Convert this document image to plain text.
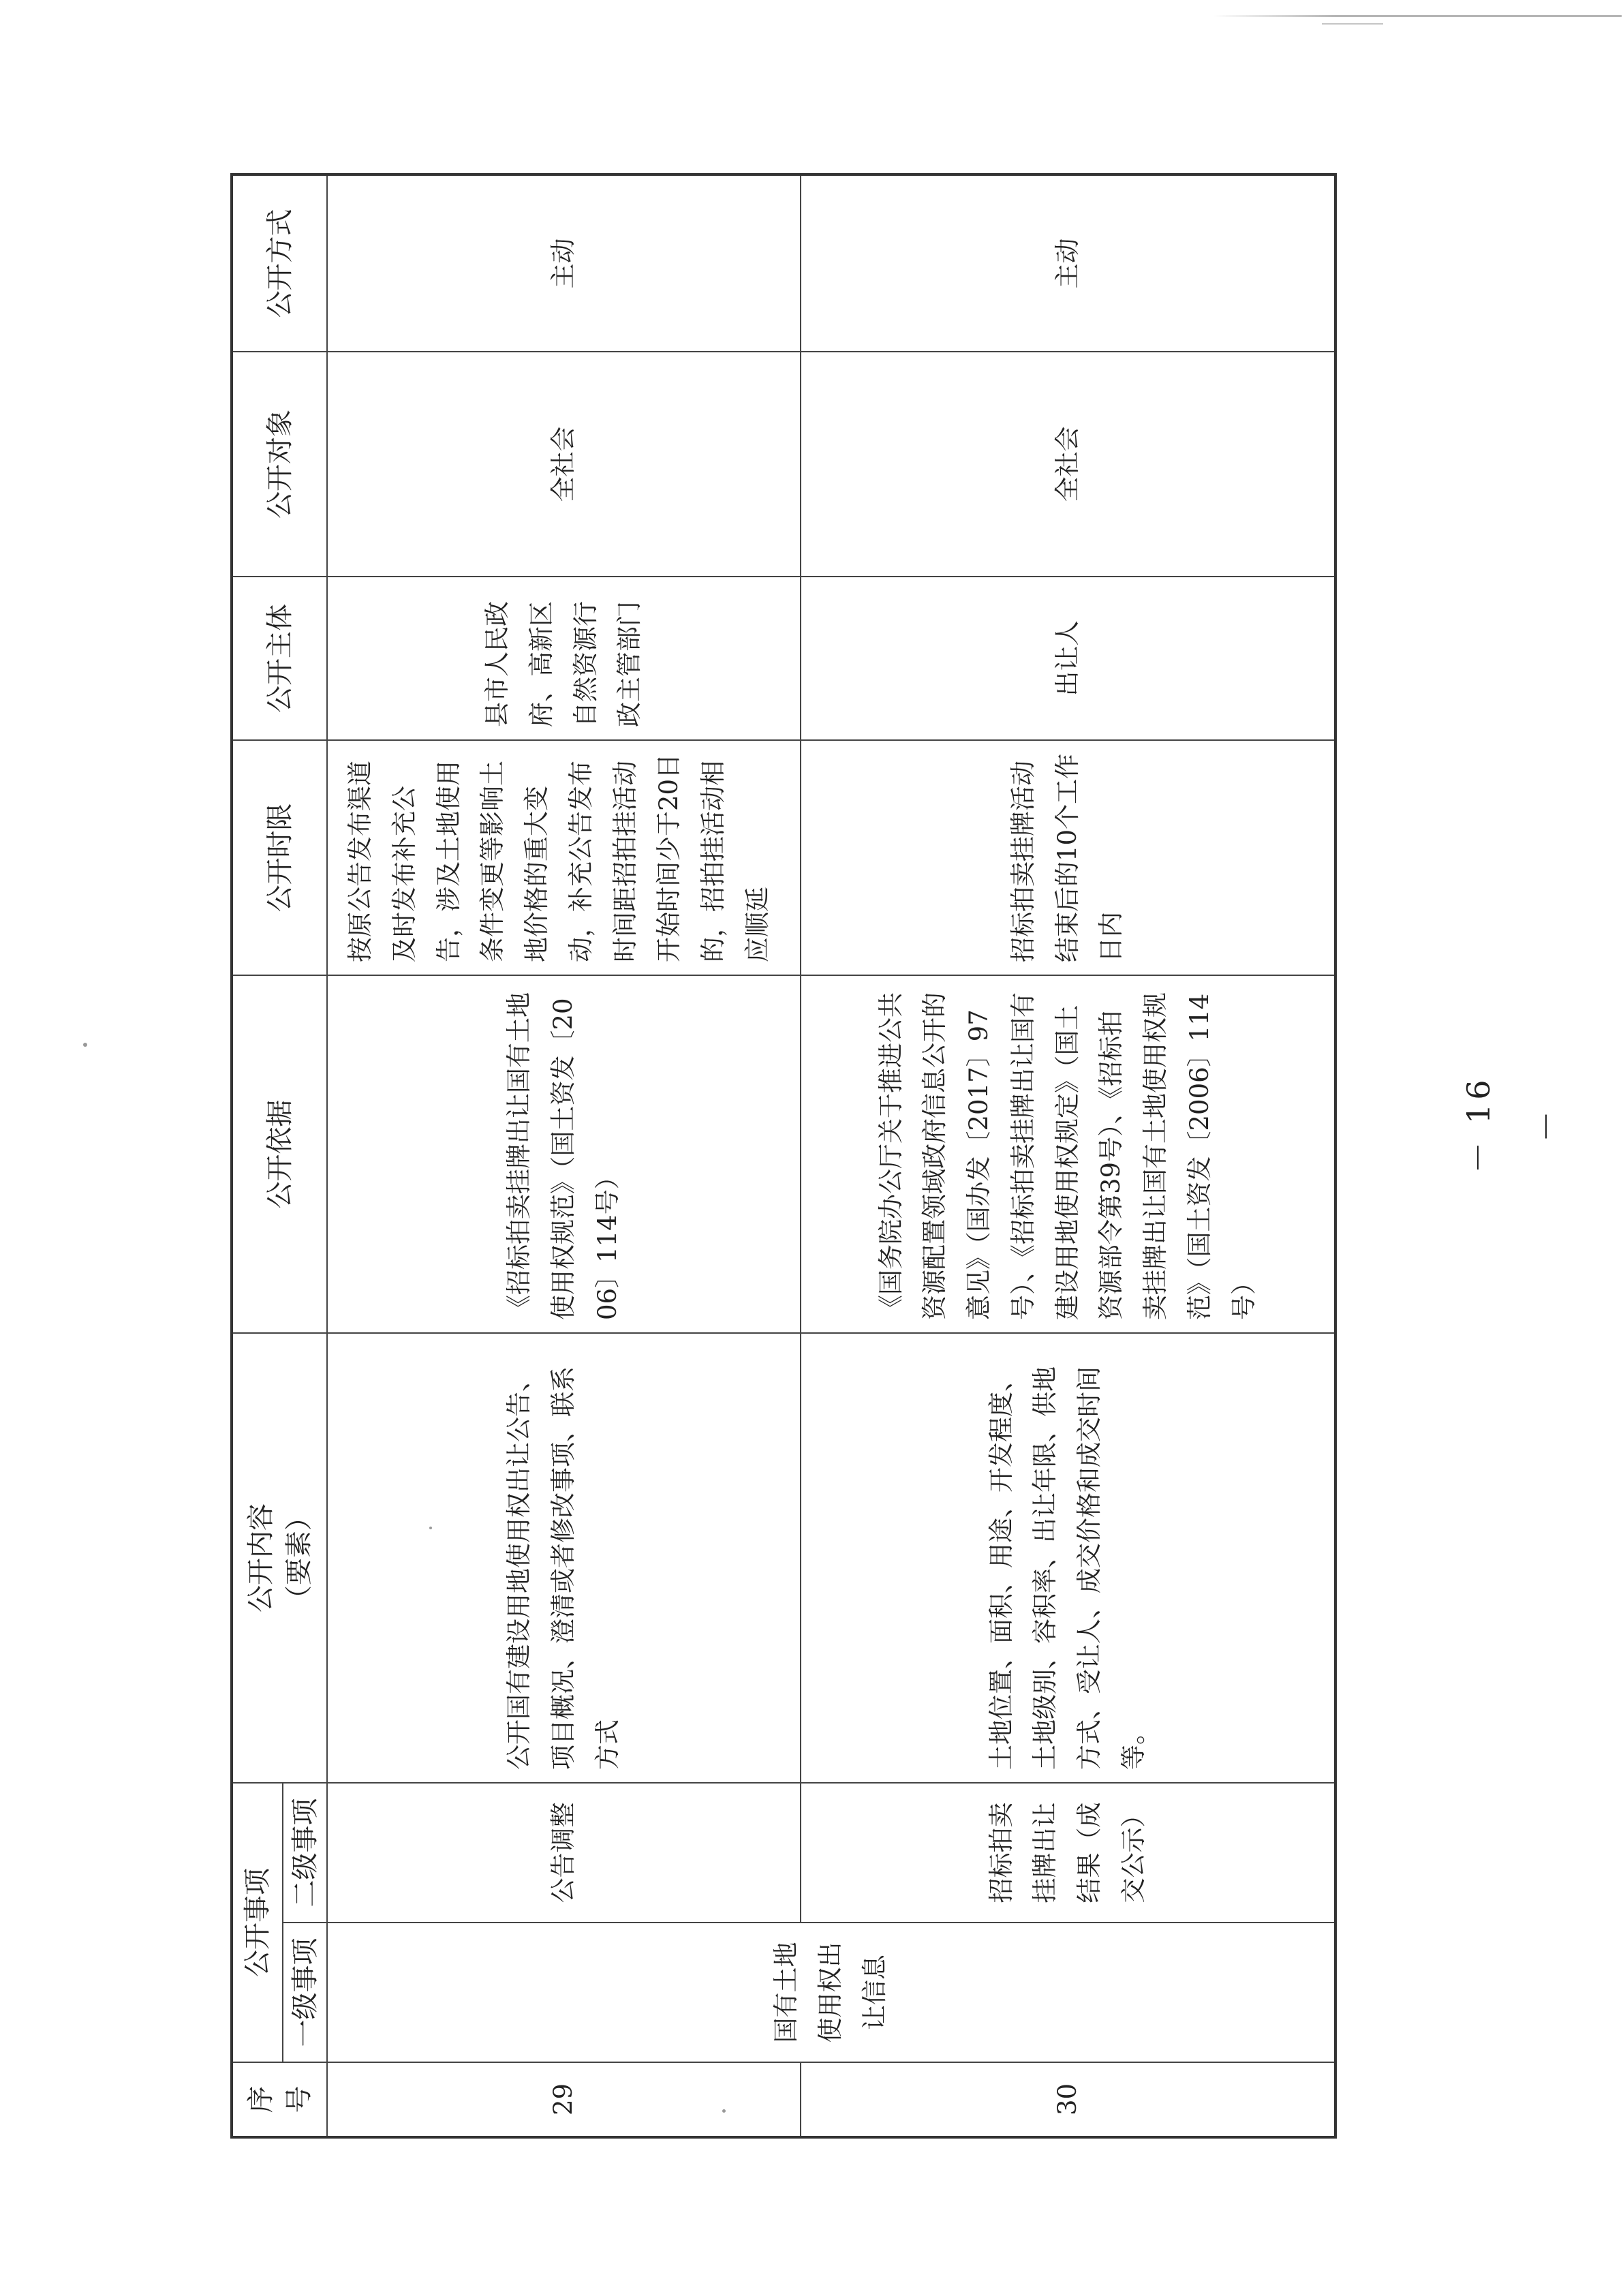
序号	公开事项		公开内容 （要素）	公开依据	公开时限	公开主体	公开对象	公开方式
	一级事项	二级事项						
29	国有土地使用权出让信息	公告调整	公开国有建设用地使用权出让公告、项目概况、澄清或者修改事项、联系方式	《招标拍卖挂牌出让国有土地使用权规范》（国土资发〔2006〕114号）	按原公告发布渠道及时发布补充公告，涉及土地使用条件变更等影响土地价格的重大变动，补充公告发布时间距招拍挂活动开始时间少于20日的，招拍挂活动相应顺延	县市人民政府、高新区自然资源行政主管部门	全社会	主动
30		招标拍卖挂牌出让结果（成交公示）	土地位置、面积、用途、开发程度、土地级别、容积率、出让年限、供地方式、受让人、成交价格和成交时间等。	《国务院办公厅关于推进公共资源配置领域政府信息公开的意见》（国办发〔2017〕97号）、《招标拍卖挂牌出让国有建设用地使用权规定》（国土资源部令第39号）、《招标拍卖挂牌出让国有土地使用权规范》（国土资发〔2006〕114号）	招标拍卖挂牌活动结束后的10个工作日内	出让人	全社会	主动
－ 16 －
